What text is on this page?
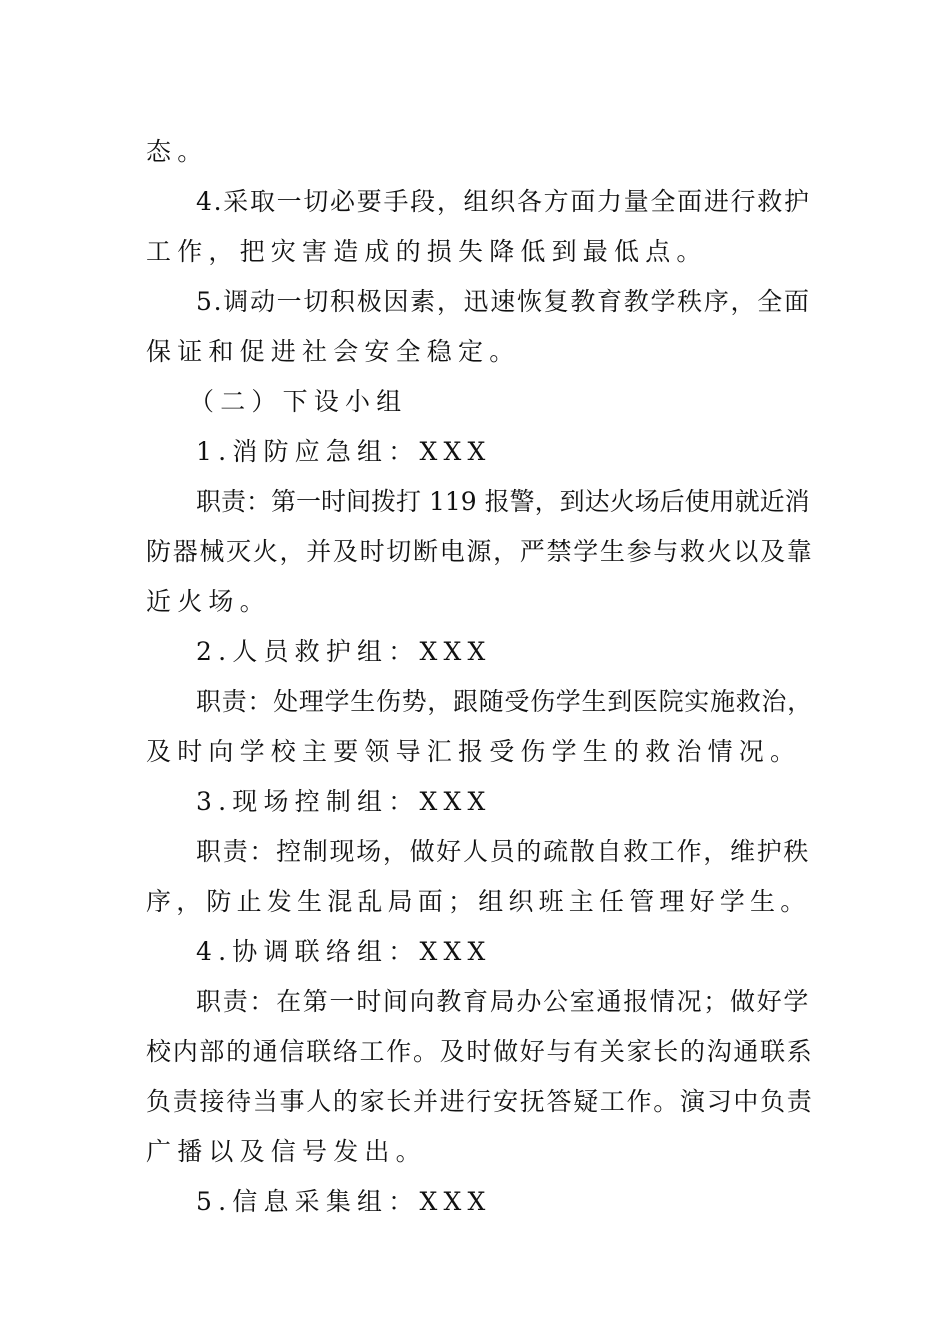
态。
4.采取一切必要手段，组织各方面力量全面进行救护
工作，把灾害造成的损失降低到最低点。
5.调动一切积极因素，迅速恢复教育教学秩序，全面
保证和促进社会安全稳定。
（二）下设小组
1.消防应急组：XXX
职责：第一时间拨打 119 报警，到达火场后使用就近消
防器械灭火，并及时切断电源，严禁学生参与救火以及靠
近火场。
2.人员救护组：XXX
职责：处理学生伤势，跟随受伤学生到医院实施救治，
及时向学校主要领导汇报受伤学生的救治情况。
3.现场控制组：XXX
职责：控制现场，做好人员的疏散自救工作，维护秩
序，防止发生混乱局面；组织班主任管理好学生。
4.协调联络组：XXX
职责：在第一时间向教育局办公室通报情况；做好学
校内部的通信联络工作。及时做好与有关家长的沟通联系
负责接待当事人的家长并进行安抚答疑工作。演习中负责
广播以及信号发出。
5.信息采集组：XXX
